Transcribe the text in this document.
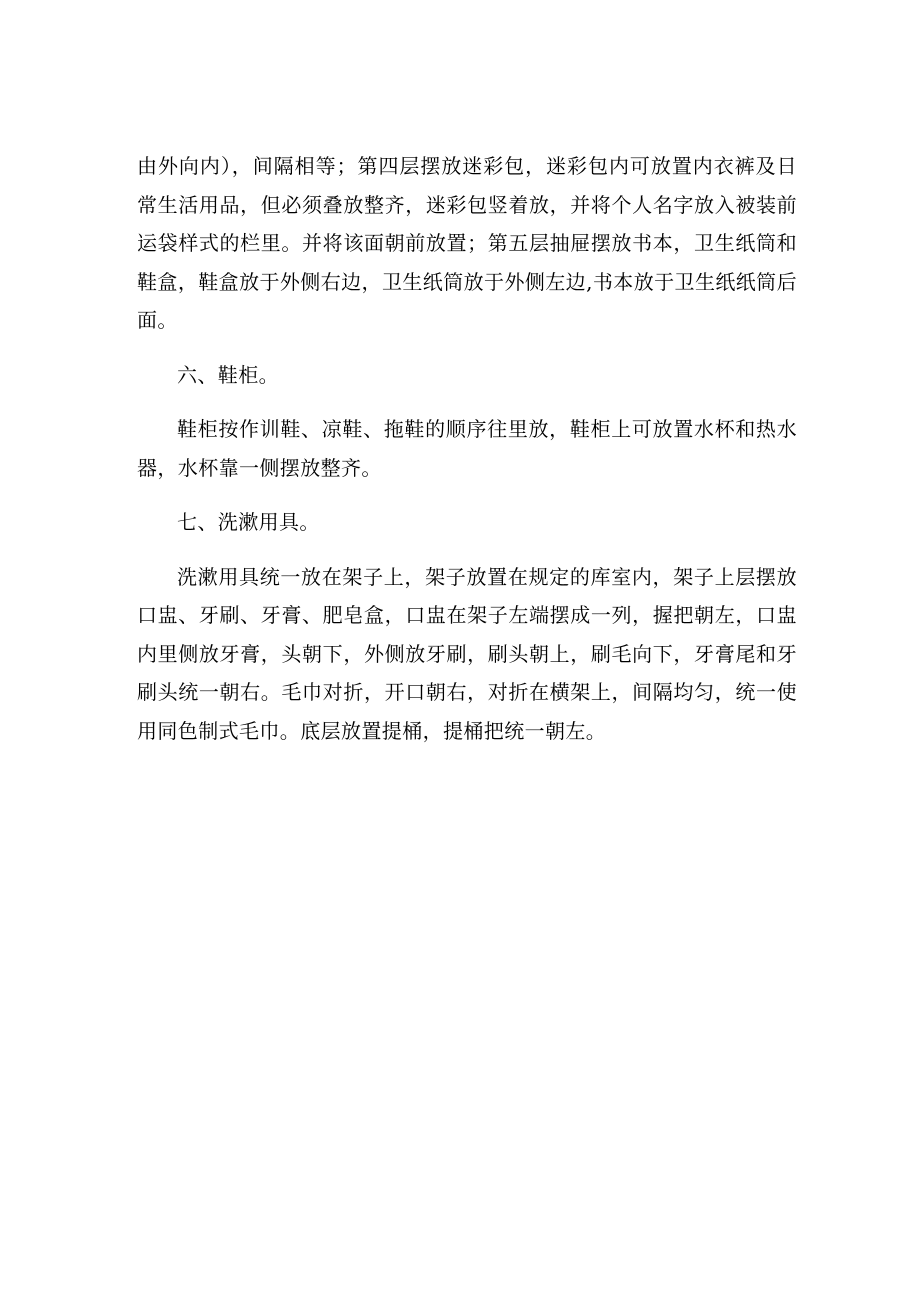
由外向内），间隔相等；第四层摆放迷彩包，迷彩包内可放置内衣裤及日常生活用品，但必须叠放整齐，迷彩包竖着放，并将个人名字放入被装前运袋样式的栏里。并将该面朝前放置；第五层抽屉摆放书本，卫生纸筒和鞋盒，鞋盒放于外侧右边，卫生纸筒放于外侧左边,书本放于卫生纸纸筒后面。

六、鞋柜。

鞋柜按作训鞋、凉鞋、拖鞋的顺序往里放，鞋柜上可放置水杯和热水器，水杯靠一侧摆放整齐。

七、洗漱用具。

洗漱用具统一放在架子上，架子放置在规定的库室内，架子上层摆放口盅、牙刷、牙膏、肥皂盒，口盅在架子左端摆成一列，握把朝左，口盅内里侧放牙膏，头朝下，外侧放牙刷，刷头朝上，刷毛向下，牙膏尾和牙刷头统一朝右。毛巾对折，开口朝右，对折在横架上，间隔均匀，统一使用同色制式毛巾。底层放置提桶，提桶把统一朝左。
